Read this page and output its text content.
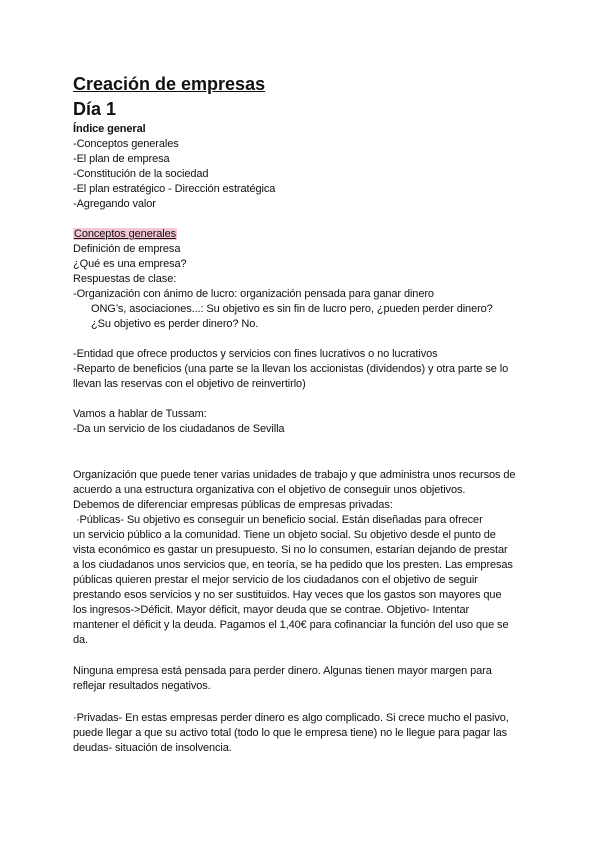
Creación de empresas
Día 1
Índice general
-Conceptos generales
-El plan de empresa
-Constitución de la sociedad
-El plan estratégico - Dirección estratégica
-Agregando valor
Conceptos generales
Definición de empresa
¿Qué es una empresa?
Respuestas de clase:
-Organización con ánimo de lucro: organización pensada para ganar dinero
ONG’s, asociaciones...: Su objetivo es sin fin de lucro pero, ¿pueden perder dinero?
¿Su objetivo es perder dinero? No.
-Entidad que ofrece productos y servicios con fines lucrativos o no lucrativos
-Reparto de beneficios (una parte se la llevan los accionistas (dividendos) y otra parte se lo
llevan las reservas con el objetivo de reinvertirlo)
Vamos a hablar de Tussam:
-Da un servicio de los ciudadanos de Sevilla
Organización que puede tener varias unidades de trabajo y que administra unos recursos de
acuerdo a una estructura organizativa con el objetivo de conseguir unos objetivos.
Debemos de diferenciar empresas públicas de empresas privadas:
·Públicas- Su objetivo es conseguir un beneficio social. Están diseñadas para ofrecer
un servicio público a la comunidad. Tiene un objeto social. Su objetivo desde el punto de
vista económico es gastar un presupuesto. Si no lo consumen, estarían dejando de prestar
a los ciudadanos unos servicios que, en teoría, se ha pedido que los presten. Las empresas
públicas quieren prestar el mejor servicio de los ciudadanos con el objetivo de seguir
prestando esos servicios y no ser sustituidos. Hay veces que los gastos son mayores que
los ingresos->Déficit. Mayor déficit, mayor deuda que se contrae. Objetivo- Intentar
mantener el déficit y la deuda. Pagamos el 1,40€ para cofinanciar la función del uso que se
da.
Ninguna empresa está pensada para perder dinero. Algunas tienen mayor margen para
reflejar resultados negativos.
·Privadas- En estas empresas perder dinero es algo complicado. Si crece mucho el pasivo,
puede llegar a que su activo total (todo lo que le empresa tiene) no le llegue para pagar las
deudas- situación de insolvencia.
